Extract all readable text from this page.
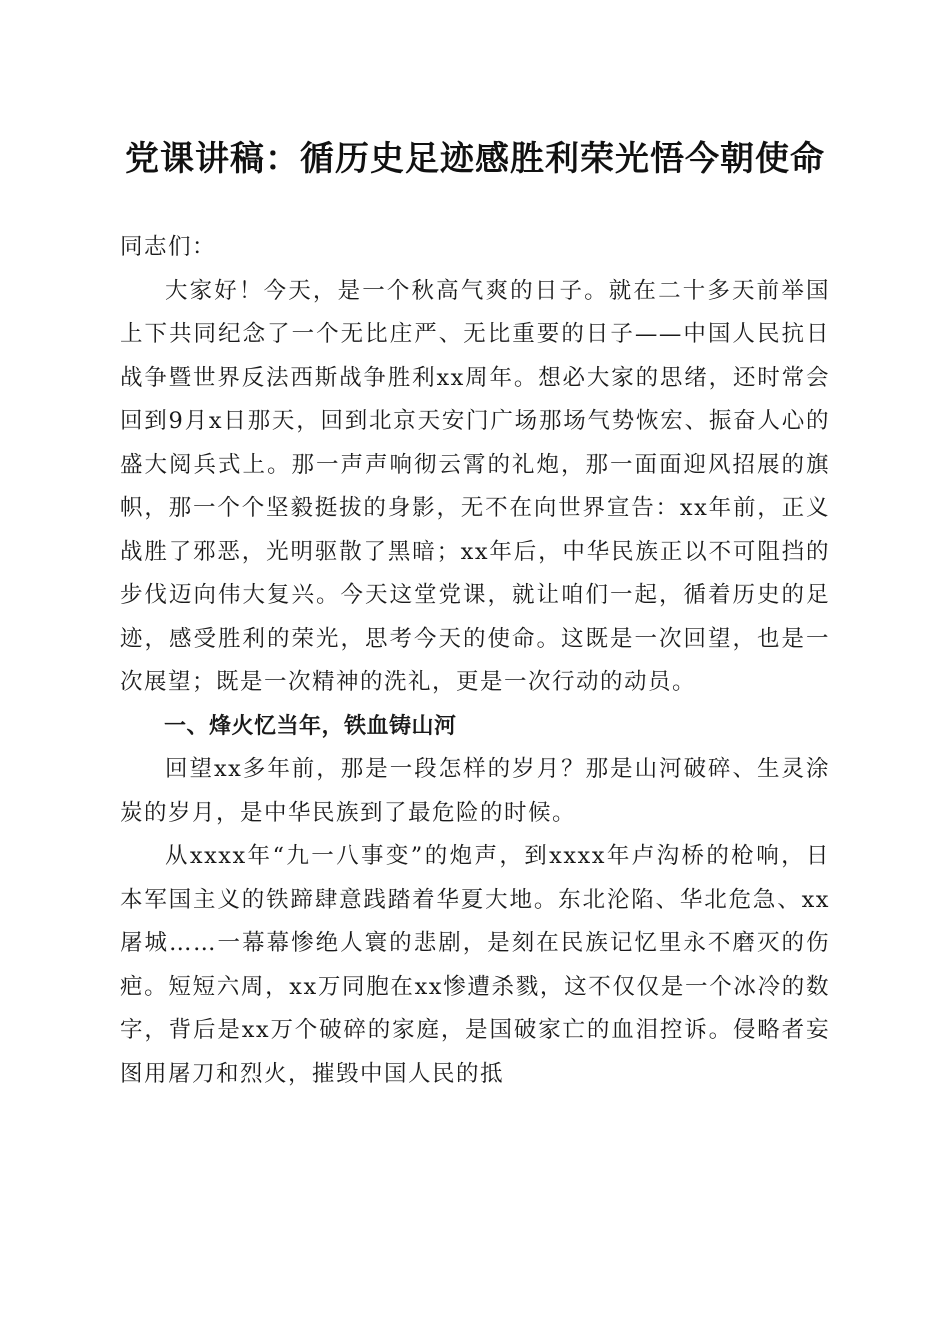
党课讲稿：循历史足迹感胜利荣光悟今朝使命

同志们：

大家好！今天，是一个秋高气爽的日子。就在二十多天前举国上下共同纪念了一个无比庄严、无比重要的日子——中国人民抗日战争暨世界反法西斯战争胜利xx周年。想必大家的思绪，还时常会回到9月x日那天，回到北京天安门广场那场气势恢宏、振奋人心的盛大阅兵式上。那一声声响彻云霄的礼炮，那一面面迎风招展的旗帜，那一个个坚毅挺拔的身影，无不在向世界宣告：xx年前，正义战胜了邪恶，光明驱散了黑暗；xx年后，中华民族正以不可阻挡的步伐迈向伟大复兴。今天这堂党课，就让咱们一起，循着历史的足迹，感受胜利的荣光，思考今天的使命。这既是一次回望，也是一次展望；既是一次精神的洗礼，更是一次行动的动员。

一、烽火忆当年，铁血铸山河

回望xx多年前，那是一段怎样的岁月？那是山河破碎、生灵涂炭的岁月，是中华民族到了最危险的时候。

从xxxx年“九一八事变”的炮声，到xxxx年卢沟桥的枪响，日本军国主义的铁蹄肆意践踏着华夏大地。东北沦陷、华北危急、xx屠城……一幕幕惨绝人寰的悲剧，是刻在民族记忆里永不磨灭的伤疤。短短六周，xx万同胞在xx惨遭杀戮，这不仅仅是一个冰冷的数字，背后是xx万个破碎的家庭，是国破家亡的血泪控诉。侵略者妄图用屠刀和烈火，摧毁中国人民的抵
